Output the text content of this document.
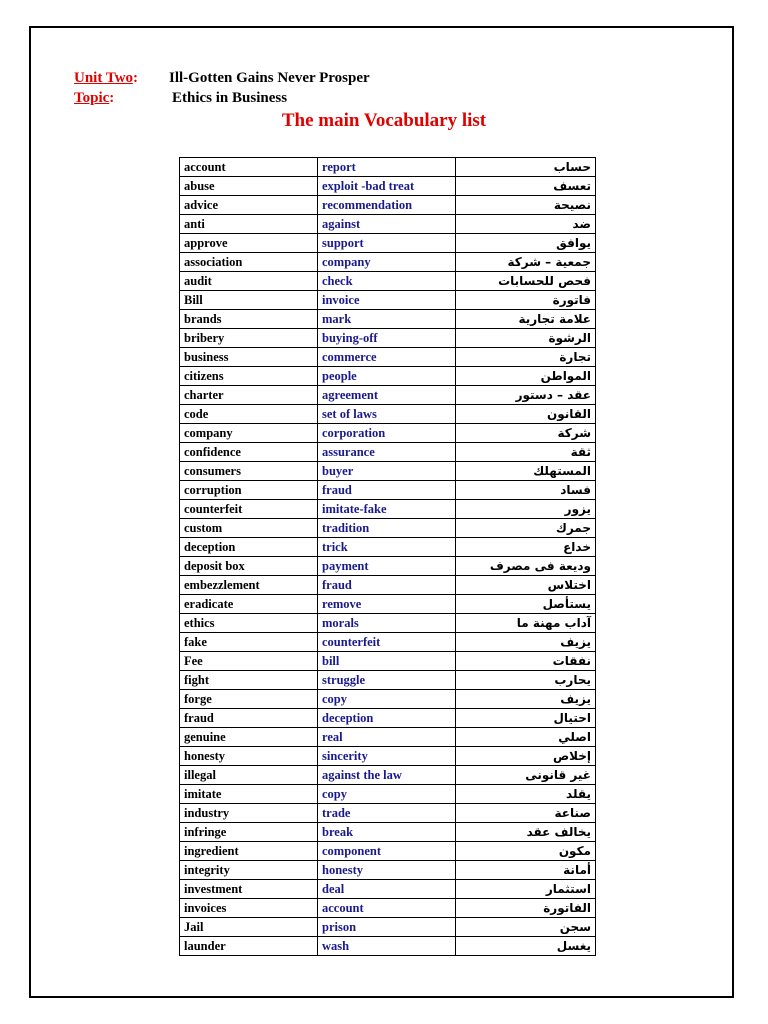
Unit Two: Ill-Gotten Gains Never Prosper
Topic:	Ethics in Business
The main Vocabulary list
account	report	حساب
abuse	exploit -bad treat	تعسف
advice	recommendation	نصيحة
anti	against	ضد
approve	support	يوافق
association	company	جمعية – شركة
audit	check	فحص للحسابات
Bill	invoice	فاتورة
brands	mark	علامة تجارية
bribery	buying-off	الرشوة
business	commerce	تجارة
citizens	people	المواطن
charter	agreement	عقد – دستور
code	set of laws	القانون
company	corporation	شركة
confidence	assurance	ثقة
consumers	buyer	المستهلك
corruption	fraud	فساد
counterfeit	imitate-fake	يزور
custom	tradition	جمرك
deception	trick	خداع
deposit box	payment	وديعة فى مصرف
embezzlement	fraud	اختلاس
eradicate	remove	يستأصل
ethics	morals	آداب مهنة ما
fake	counterfeit	يزيف
Fee	bill	نفقات
fight	struggle	يحارب
forge	copy	يزيف
fraud	deception	احتيال
genuine	real	اصلي
honesty	sincerity	إخلاص
illegal	against the law	غير قانونى
imitate	copy	يقلد
industry	trade	صناعة
infringe	break	يخالف عقد
ingredient	component	مكون
integrity	honesty	أمانة
investment	deal	استثمار
invoices	account	الفاتورة
Jail	prison	سجن
launder	wash	يغسل
